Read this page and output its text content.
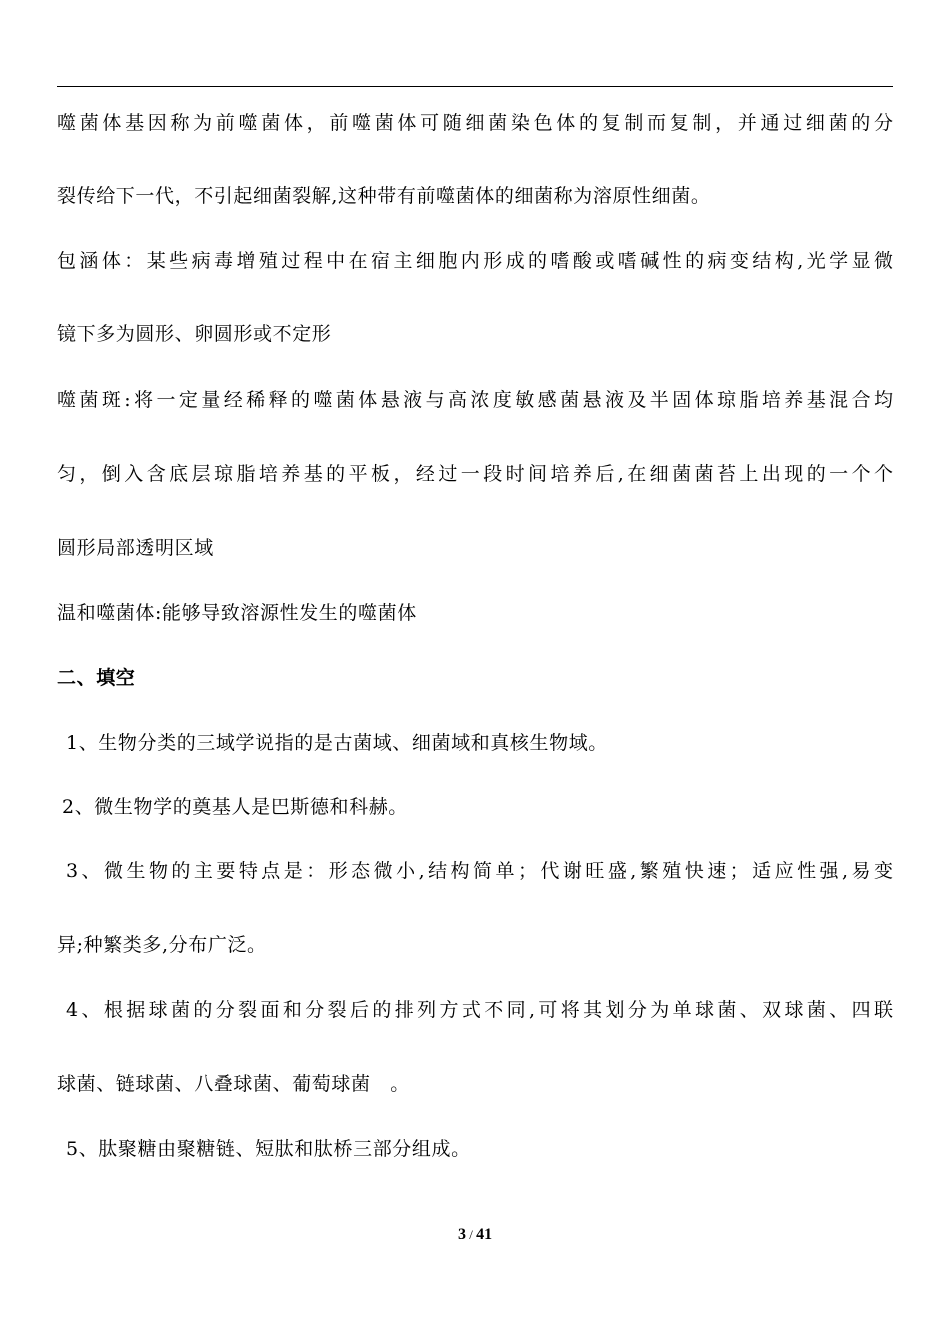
噬菌体基因称为前噬菌体，前噬菌体可随细菌染色体的复制而复制，并通过细菌的分
裂传给下一代，不引起细菌裂解,这种带有前噬菌体的细菌称为溶原性细菌。
包涵体：某些病毒增殖过程中在宿主细胞内形成的嗜酸或嗜碱性的病变结构,光学显微
镜下多为圆形、卵圆形或不定形
噬菌斑:将一定量经稀释的噬菌体悬液与高浓度敏感菌悬液及半固体琼脂培养基混合均
匀，倒入含底层琼脂培养基的平板，经过一段时间培养后,在细菌菌苔上出现的一个个
圆形局部透明区域
温和噬菌体:能够导致溶源性发生的噬菌体
二、填空
1、生物分类的三域学说指的是古菌域、细菌域和真核生物域。
2、微生物学的奠基人是巴斯德和科赫。
3、微生物的主要特点是：形态微小,结构简单；代谢旺盛,繁殖快速；适应性强,易变
异;种繁类多,分布广泛。
4、根据球菌的分裂面和分裂后的排列方式不同,可将其划分为单球菌、双球菌、四联
球菌、链球菌、八叠球菌、葡萄球菌　。
5、肽聚糖由聚糖链、短肽和肽桥三部分组成。
3 / 41
